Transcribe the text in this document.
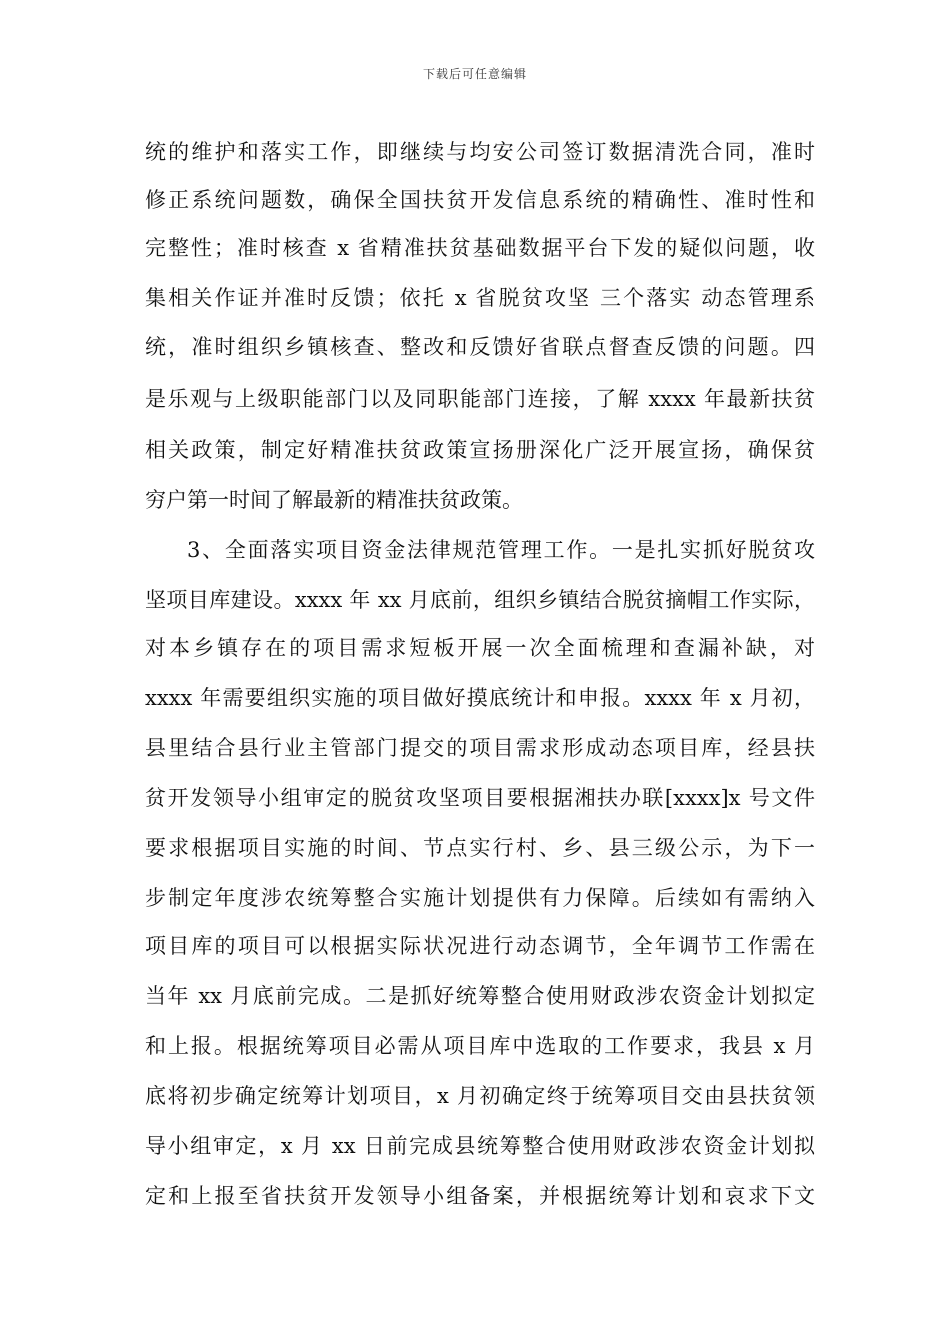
下载后可任意编辑
统的维护和落实工作，即继续与均安公司签订数据清洗合同，准时
修正系统问题数，确保全国扶贫开发信息系统的精确性、准时性和
完整性；准时核查 x 省精准扶贫基础数据平台下发的疑似问题，收
集相关作证并准时反馈；依托 x 省脱贫攻坚 三个落实 动态管理系
统，准时组织乡镇核查、整改和反馈好省联点督查反馈的问题。四
是乐观与上级职能部门以及同职能部门连接，了解 xxxx 年最新扶贫
相关政策，制定好精准扶贫政策宣扬册深化广泛开展宣扬，确保贫
穷户第一时间了解最新的精准扶贫政策。
3、全面落实项目资金法律规范管理工作。一是扎实抓好脱贫攻
坚项目库建设。xxxx 年 xx 月底前，组织乡镇结合脱贫摘帽工作实际，
对本乡镇存在的项目需求短板开展一次全面梳理和查漏补缺，对
xxxx 年需要组织实施的项目做好摸底统计和申报。xxxx 年 x 月初，
县里结合县行业主管部门提交的项目需求形成动态项目库，经县扶
贫开发领导小组审定的脱贫攻坚项目要根据湘扶办联[xxxx]x 号文件
要求根据项目实施的时间、节点实行村、乡、县三级公示，为下一
步制定年度涉农统筹整合实施计划提供有力保障。后续如有需纳入
项目库的项目可以根据实际状况进行动态调节，全年调节工作需在
当年 xx 月底前完成。二是抓好统筹整合使用财政涉农资金计划拟定
和上报。根据统筹项目必需从项目库中选取的工作要求，我县 x 月
底将初步确定统筹计划项目，x 月初确定终于统筹项目交由县扶贫领
导小组审定，x 月 xx 日前完成县统筹整合使用财政涉农资金计划拟
定和上报至省扶贫开发领导小组备案，并根据统筹计划和哀求下文
